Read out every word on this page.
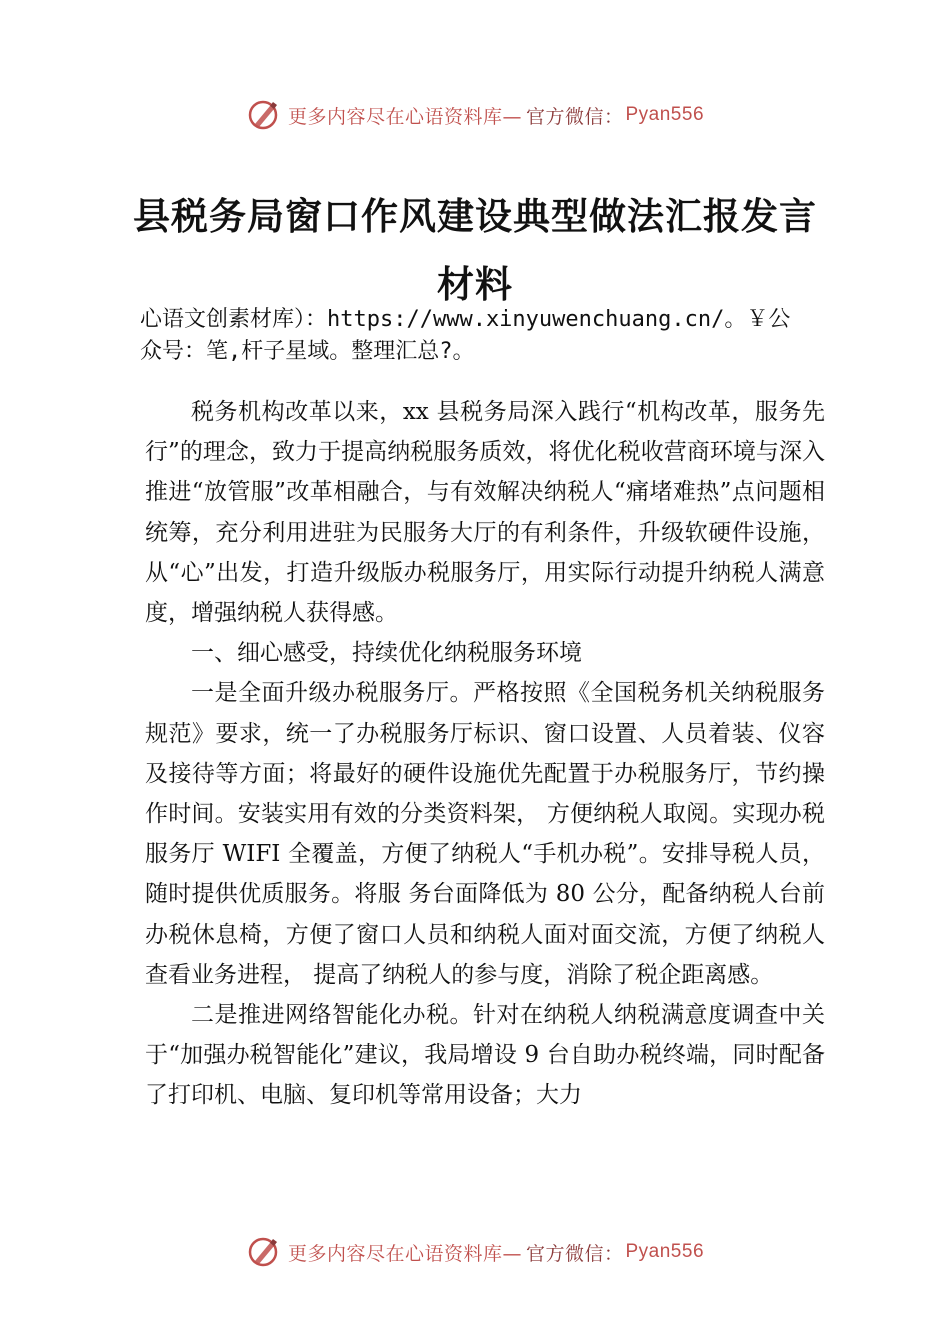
更多内容尽在心语资料库— 官方微信： Pyan556
县税务局窗口作风建设典型做法汇报发言
材料
心语文创素材库）：https://www.xinyuwenchuang.cn/。￥公
众号：笔,杆子星域。整理汇总?。

税务机构改革以来，xx 县税务局深入践行“机构改革，服务先行”的理念，致力于提高纳税服务质效，将优化税收营商环境与深入推进“放管服”改革相融合，与有效解决纳税人“痛堵难热”点问题相统筹，充分利用进驻为民服务大厅的有利条件，升级软硬件设施，从“心”出发，打造升级版办税服务厅，用实际行动提升纳税人满意度，增强纳税人获得感。

一、细心感受，持续优化纳税服务环境

一是全面升级办税服务厅。严格按照《全国税务机关纳税服务规范》要求，统一了办税服务厅标识、窗口设置、人员着装、仪容及接待等方面；将最好的硬件设施优先配置于办税服务厅，节约操作时间。安装实用有效的分类资料架， 方便纳税人取阅。实现办税服务厅 WIFI 全覆盖，方便了纳税人“手机办税”。安排导税人员，随时提供优质服务。将服 务台面降低为 80 公分，配备纳税人台前办税休息椅，方便了窗口人员和纳税人面对面交流，方便了纳税人查看业务进程， 提高了纳税人的参与度，消除了税企距离感。

二是推进网络智能化办税。针对在纳税人纳税满意度调查中关于“加强办税智能化”建议，我局增设 9 台自助办税终端，同时配备了打印机、电脑、复印机等常用设备；大力

更多内容尽在心语资料库— 官方微信： Pyan556
